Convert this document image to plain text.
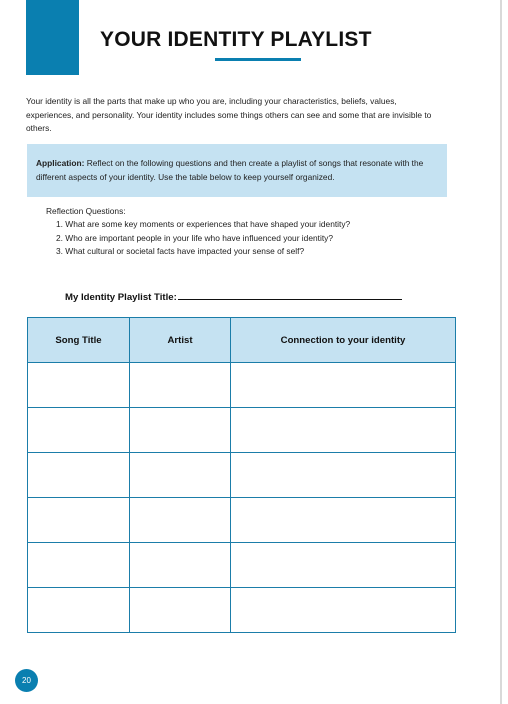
YOUR IDENTITY PLAYLIST
Your identity is all the parts that make up who you are, including your characteristics, beliefs, values, experiences, and personality. Your identity includes some things others can see and some that are invisible to others.
Application: Reflect on the following questions and then create a playlist of songs that resonate with the different aspects of your identity. Use the table below to keep yourself organized.
Reflection Questions:
1. What are some key moments or experiences that have shaped your identity?
2. Who are important people in your life who have influenced your identity?
3. What cultural or societal facts have impacted your sense of self?
My Identity Playlist Title:
Song Title	Artist	Connection to your identity

20
